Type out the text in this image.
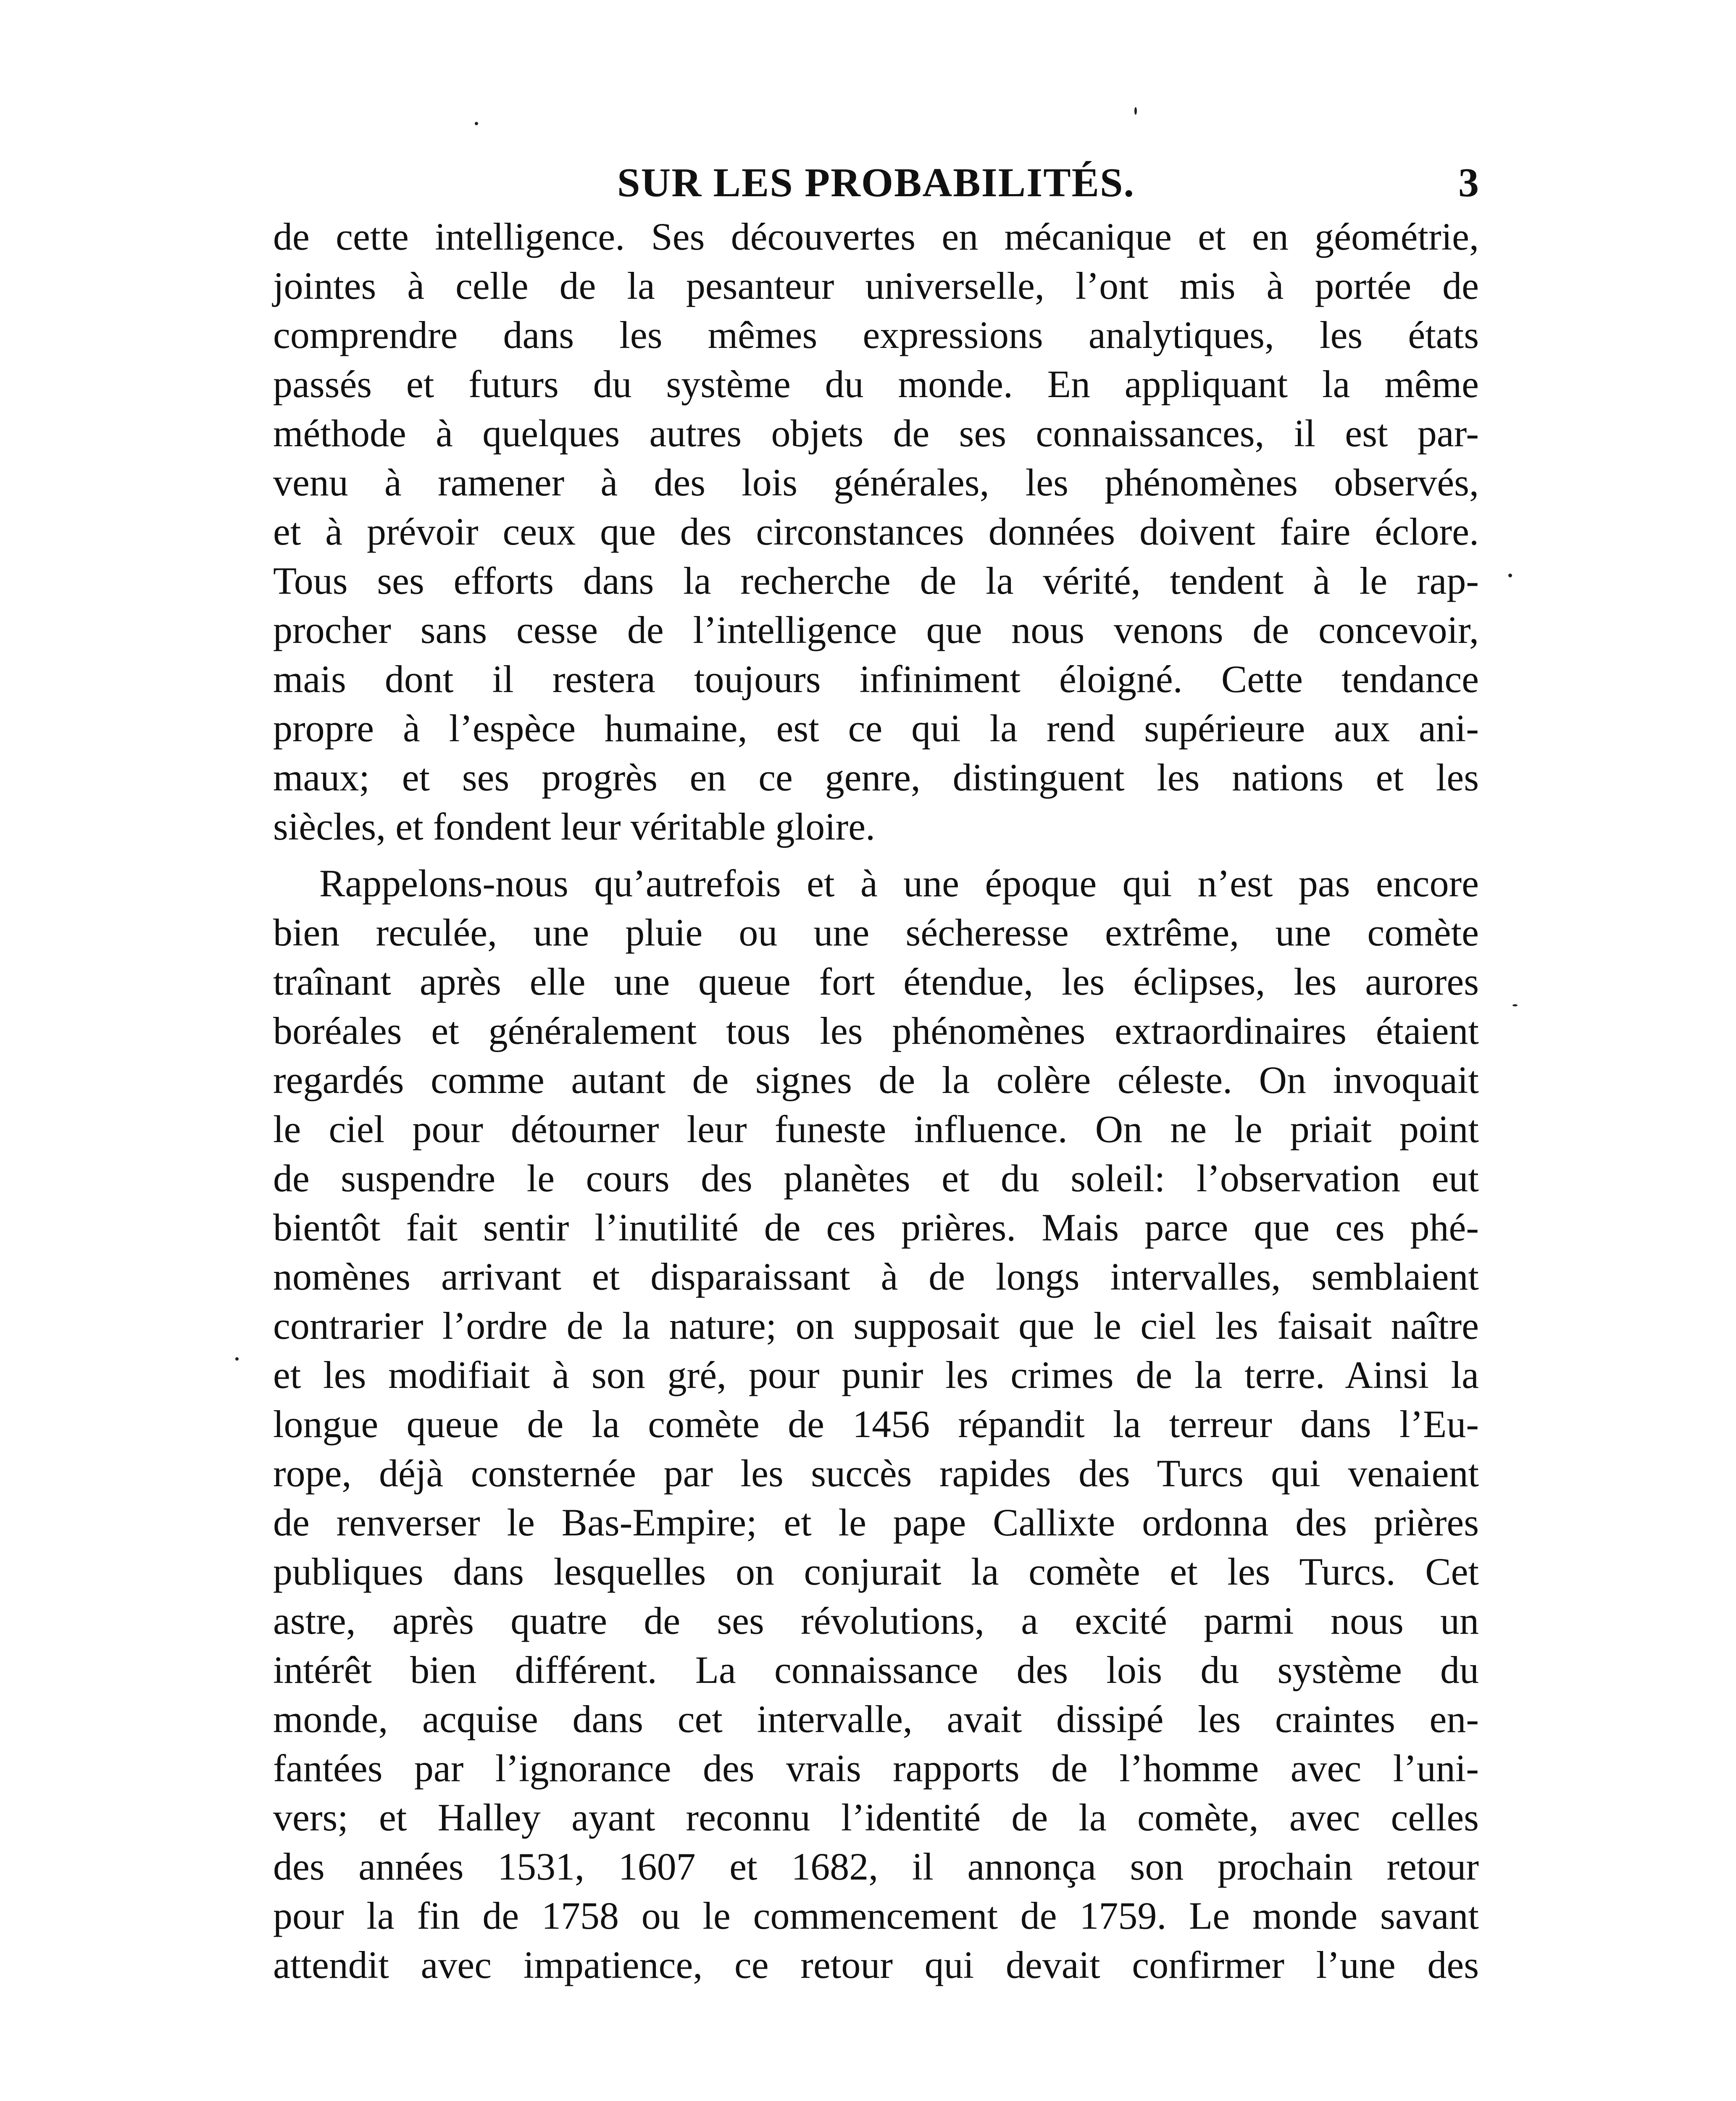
SUR LES PROBABILITÉS.	3
de cette intelligence. Ses découvertes en mécanique et en géométrie,
jointes à celle de la pesanteur universelle, l’ont mis à portée de
comprendre dans les mêmes expressions analytiques, les états
passés et futurs du système du monde. En appliquant la même
méthode à quelques autres objets de ses connaissances, il est par-
venu à ramener à des lois générales, les phénomènes observés,
et à prévoir ceux que des circonstances données doivent faire éclore.
Tous ses efforts dans la recherche de la vérité, tendent à le rap-
procher sans cesse de l’intelligence que nous venons de concevoir,
mais dont il restera toujours infiniment éloigné. Cette tendance
propre à l’espèce humaine, est ce qui la rend supérieure aux ani-
maux; et ses progrès en ce genre, distinguent les nations et les
siècles, et fondent leur véritable gloire.
Rappelons-nous qu’autrefois et à une époque qui n’est pas encore
bien reculée, une pluie ou une sécheresse extrême, une comète
traînant après elle une queue fort étendue, les éclipses, les aurores
boréales et généralement tous les phénomènes extraordinaires étaient
regardés comme autant de signes de la colère céleste. On invoquait
le ciel pour détourner leur funeste influence. On ne le priait point
de suspendre le cours des planètes et du soleil: l’observation eut
bientôt fait sentir l’inutilité de ces prières. Mais parce que ces phé-
nomènes arrivant et disparaissant à de longs intervalles, semblaient
contrarier l’ordre de la nature; on supposait que le ciel les faisait naître
et les modifiait à son gré, pour punir les crimes de la terre. Ainsi la
longue queue de la comète de 1456 répandit la terreur dans l’Eu-
rope, déjà consternée par les succès rapides des Turcs qui venaient
de renverser le Bas-Empire; et le pape Callixte ordonna des prières
publiques dans lesquelles on conjurait la comète et les Turcs. Cet
astre, après quatre de ses révolutions, a excité parmi nous un
intérêt bien différent. La connaissance des lois du système du
monde, acquise dans cet intervalle, avait dissipé les craintes en-
fantées par l’ignorance des vrais rapports de l’homme avec l’uni-
vers; et Halley ayant reconnu l’identité de la comète, avec celles
des années 1531, 1607 et 1682, il annonça son prochain retour
pour la fin de 1758 ou le commencement de 1759. Le monde savant
attendit avec impatience, ce retour qui devait confirmer l’une des
